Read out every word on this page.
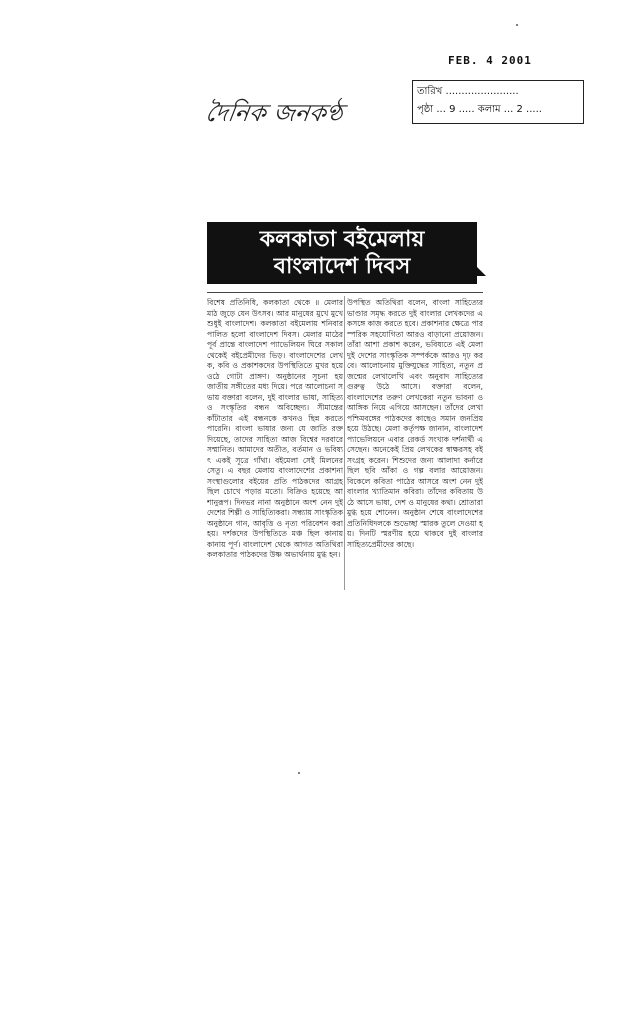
FEB. 4 2001
তারিখ .......................
পৃষ্ঠা ... 9 ..... কলাম ... 2 .....
দৈনিক জনকণ্ঠ
কলকাতা বইমেলায়
বাংলাদেশ দিবস
বিশেষ প্রতিনিধি, কলকাতা থেকে ॥ মেলার মাঠ জুড়ে যেন উৎসব। আর মানুষের মুখে মুখে শুধুই বাংলাদেশ। কলকাতা বইমেলায় শনিবার পালিত হলো বাংলাদেশ দিবস। মেলার মাঠের পূর্ব প্রান্তে বাংলাদেশ প্যাভেলিয়ন ঘিরে সকাল থেকেই বইপ্রেমীদের ভিড়। বাংলাদেশের লেখক, কবি ও প্রকাশকদের উপস্থিতিতে মুখর হয়ে ওঠে গোটা প্রাঙ্গণ। অনুষ্ঠানের সূচনা হয় জাতীয় সঙ্গীতের মধ্য দিয়ে। পরে আলোচনা সভায় বক্তারা বলেন, দুই বাংলার ভাষা, সাহিত্য ও সংস্কৃতির বন্ধন অবিচ্ছেদ্য। সীমান্তের কাঁটাতার এই বন্ধনকে কখনও ছিন্ন করতে পারেনি। বাংলা ভাষার জন্য যে জাতি রক্ত দিয়েছে, তাদের সাহিত্য আজ বিশ্বের দরবারে সম্মানিত। আমাদের অতীত, বর্তমান ও ভবিষ্যৎ একই সূত্রে গাঁথা। বইমেলা সেই মিলনের সেতু। এ বছর মেলায় বাংলাদেশের প্রকাশনা সংস্থাগুলোর বইয়ের প্রতি পাঠকদের আগ্রহ ছিল চোখে পড়ার মতো। বিক্রিও হয়েছে আশানুরূপ। দিনভর নানা অনুষ্ঠানে অংশ নেন দুই দেশের শিল্পী ও সাহিত্যিকরা। সন্ধ্যায় সাংস্কৃতিক অনুষ্ঠানে গান, আবৃত্তি ও নৃত্য পরিবেশন করা হয়। দর্শকদের উপস্থিতিতে মঞ্চ ছিল কানায় কানায় পূর্ণ। বাংলাদেশ থেকে আগত অতিথিরা কলকাতার পাঠকদের উষ্ণ অভ্যর্থনায় মুগ্ধ হন।
উপস্থিত অতিথিরা বলেন, বাংলা সাহিত্যের ভাণ্ডার সমৃদ্ধ করতে দুই বাংলার লেখকদের একসঙ্গে কাজ করতে হবে। প্রকাশনার ক্ষেত্রে পারস্পরিক সহযোগিতা আরও বাড়ানো প্রয়োজন। তাঁরা আশা প্রকাশ করেন, ভবিষ্যতে এই মেলা দুই দেশের সাংস্কৃতিক সম্পর্ককে আরও দৃঢ় করবে। আলোচনায় মুক্তিযুদ্ধের সাহিত্য, নতুন প্রজন্মের লেখালেখি এবং অনুবাদ সাহিত্যের গুরুত্ব উঠে আসে। বক্তারা বলেন, বাংলাদেশের তরুণ লেখকেরা নতুন ভাবনা ও আঙ্গিক নিয়ে এগিয়ে আসছেন। তাঁদের লেখা পশ্চিমবঙ্গের পাঠকদের কাছেও সমান জনপ্রিয় হয়ে উঠছে। মেলা কর্তৃপক্ষ জানান, বাংলাদেশ প্যাভেলিয়নে এবার রেকর্ড সংখ্যক দর্শনার্থী এসেছেন। অনেকেই প্রিয় লেখকের স্বাক্ষরসহ বই সংগ্রহ করেন। শিশুদের জন্য আলাদা কর্নারে ছিল ছবি আঁকা ও গল্প বলার আয়োজন। বিকেলে কবিতা পাঠের আসরে অংশ নেন দুই বাংলার খ্যাতিমান কবিরা। তাঁদের কবিতায় উঠে আসে ভাষা, দেশ ও মানুষের কথা। শ্রোতারা মুগ্ধ হয়ে শোনেন। অনুষ্ঠান শেষে বাংলাদেশের প্রতিনিধিদলকে শুভেচ্ছা স্মারক তুলে দেওয়া হয়। দিনটি স্মরণীয় হয়ে থাকবে দুই বাংলার সাহিত্যপ্রেমীদের কাছে।
